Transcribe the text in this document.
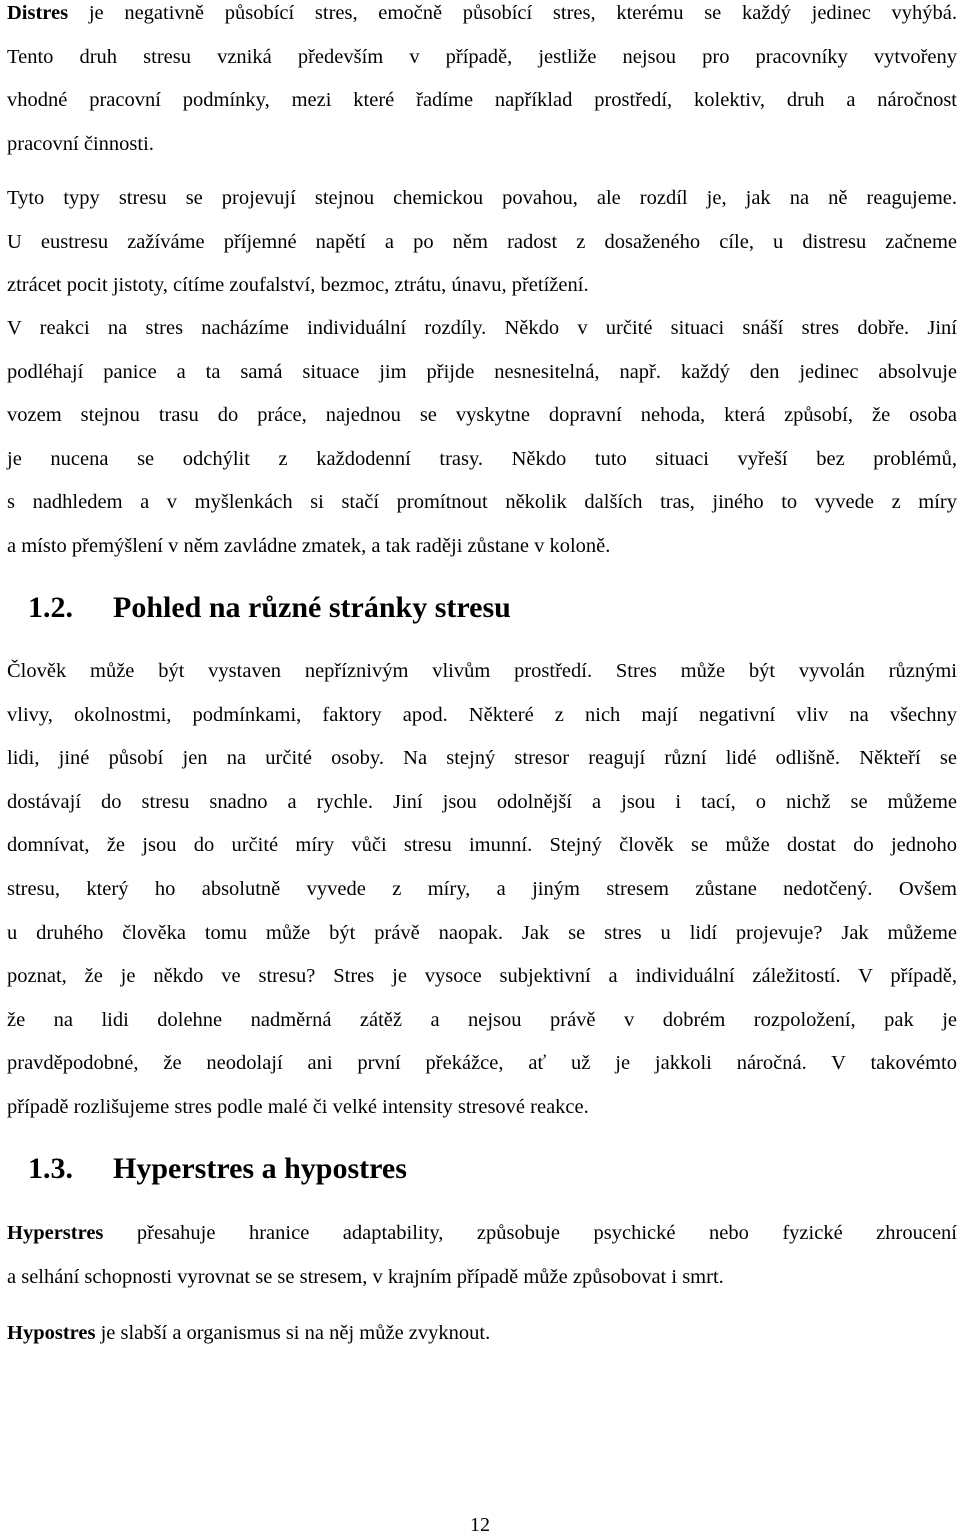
Distres je negativně působící stres, emočně působící stres, kterému se každý jedinec vyhýbá.
Tento druh stresu vzniká především v případě, jestliže nejsou pro pracovníky vytvořeny
vhodné pracovní podmínky, mezi které řadíme například prostředí, kolektiv, druh a náročnost
pracovní činnosti.
Tyto typy stresu se projevují stejnou chemickou povahou, ale rozdíl je, jak na ně reagujeme.
U eustresu zažíváme příjemné napětí a po něm radost z dosaženého cíle, u distresu začneme
ztrácet pocit jistoty, cítíme zoufalství, bezmoc, ztrátu, únavu, přetížení.
V reakci na stres nacházíme individuální rozdíly. Někdo v určité situaci snáší stres dobře. Jiní
podléhají panice a ta samá situace jim přijde nesnesitelná, např. každý den jedinec absolvuje
vozem stejnou trasu do práce, najednou se vyskytne dopravní nehoda, která způsobí, že osoba
je nucena se odchýlit z každodenní trasy. Někdo tuto situaci vyřeší bez problémů,
s nadhledem a v myšlenkách si stačí promítnout několik dalších tras, jiného to vyvede z míry
a místo přemýšlení v něm zavládne zmatek, a tak raději zůstane v koloně.
1.2. Pohled na různé stránky stresu
Člověk může být vystaven nepříznivým vlivům prostředí. Stres může být vyvolán různými
vlivy, okolnostmi, podmínkami, faktory apod. Některé z nich mají negativní vliv na všechny
lidi, jiné působí jen na určité osoby. Na stejný stresor reagují různí lidé odlišně. Někteří se
dostávají do stresu snadno a rychle. Jiní jsou odolnější a jsou i tací, o nichž se můžeme
domnívat, že jsou do určité míry vůči stresu imunní. Stejný člověk se může dostat do jednoho
stresu, který ho absolutně vyvede z míry, a jiným stresem zůstane nedotčený. Ovšem
u druhého člověka tomu může být právě naopak. Jak se stres u lidí projevuje? Jak můžeme
poznat, že je někdo ve stresu? Stres je vysoce subjektivní a individuální záležitostí. V případě,
že na lidi dolehne nadměrná zátěž a nejsou právě v dobrém rozpoložení, pak je
pravděpodobné, že neodolají ani první překážce, ať už je jakkoli náročná. V takovémto
případě rozlišujeme stres podle malé či velké intensity stresové reakce.
1.3. Hyperstres a hypostres
Hyperstres přesahuje hranice adaptability, způsobuje psychické nebo fyzické zhroucení
a selhání schopnosti vyrovnat se se stresem, v krajním případě může způsobovat i smrt.
Hypostres je slabší a organismus si na něj může zvyknout.
12
